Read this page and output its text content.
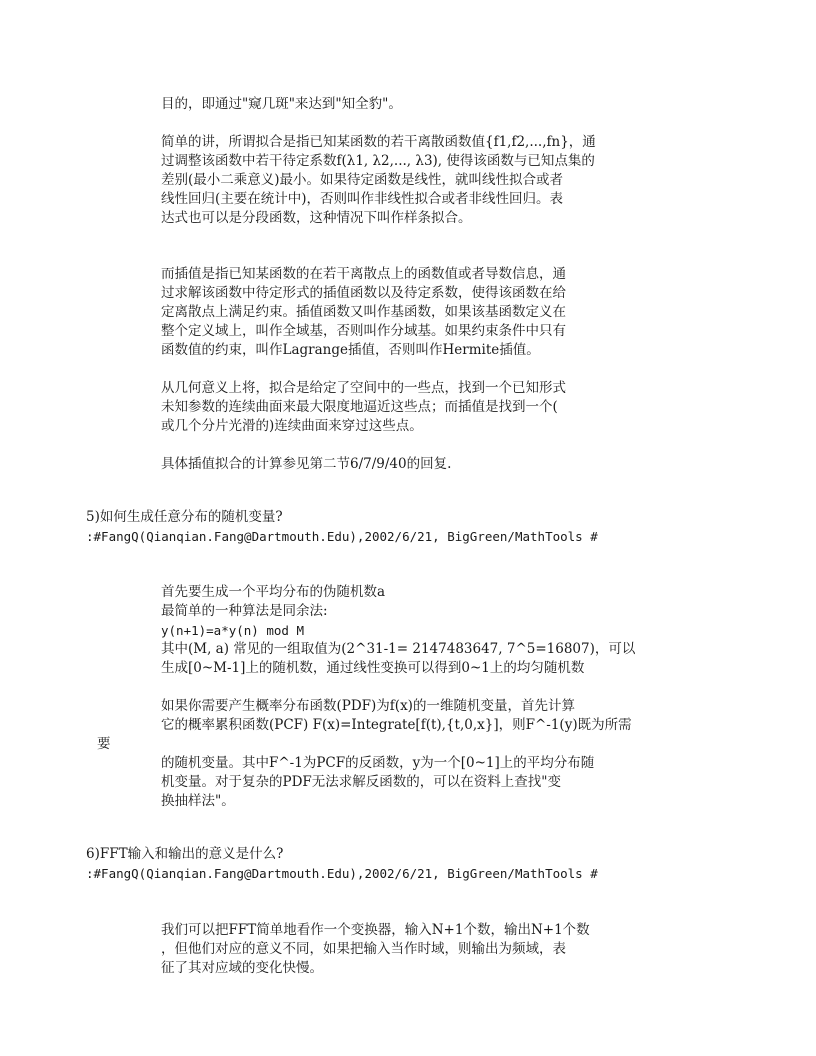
目的，即通过"窥几斑"来达到"知全豹"。
简单的讲，所谓拟合是指已知某函数的若干离散函数值{f1,f2,...,fn}，通
过调整该函数中若干待定系数f(λ1, λ2,..., λ3), 使得该函数与已知点集的
差别(最小二乘意义)最小。如果待定函数是线性，就叫线性拟合或者
线性回归(主要在统计中)，否则叫作非线性拟合或者非线性回归。表
达式也可以是分段函数，这种情况下叫作样条拟合。
而插值是指已知某函数的在若干离散点上的函数值或者导数信息，通
过求解该函数中待定形式的插值函数以及待定系数，使得该函数在给
定离散点上满足约束。插值函数又叫作基函数，如果该基函数定义在
整个定义域上，叫作全域基，否则叫作分域基。如果约束条件中只有
函数值的约束，叫作Lagrange插值，否则叫作Hermite插值。
从几何意义上将，拟合是给定了空间中的一些点，找到一个已知形式
未知参数的连续曲面来最大限度地逼近这些点；而插值是找到一个(
或几个分片光滑的)连续曲面来穿过这些点。
具体插值拟合的计算参见第二节6/7/9/40的回复.
5)如何生成任意分布的随机变量?
:#FangQ(Qianqian.Fang@Dartmouth.Edu),2002/6/21, BigGreen/MathTools #
首先要生成一个平均分布的伪随机数a
最简单的一种算法是同余法:
y(n+1)=a*y(n) mod M
其中(M, a) 常见的一组取值为(2^31-1= 2147483647, 7^5=16807)，可以
生成[0~M-1]上的随机数，通过线性变换可以得到0~1上的均匀随机数
如果你需要产生概率分布函数(PDF)为f(x)的一维随机变量，首先计算
它的概率累积函数(PCF) F(x)=Integrate[f(t),{t,0,x}]，则F^-1(y)既为所需
要
的随机变量。其中F^-1为PCF的反函数，y为一个[0~1]上的平均分布随
机变量。对于复杂的PDF无法求解反函数的，可以在资料上查找"变
换抽样法"。
6)FFT输入和输出的意义是什么?
:#FangQ(Qianqian.Fang@Dartmouth.Edu),2002/6/21, BigGreen/MathTools #
我们可以把FFT简单地看作一个变换器，输入N+1个数，输出N+1个数
，但他们对应的意义不同，如果把输入当作时域，则输出为频域，表
征了其对应域的变化快慢。
